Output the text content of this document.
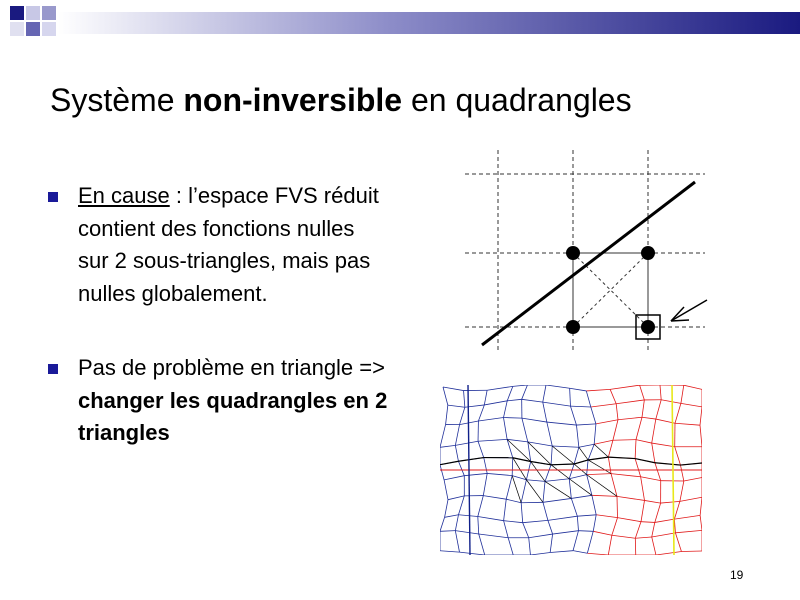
Système non-inversible en quadrangles
En cause : l’espace FVS réduit contient des fonctions nulles sur 2 sous-triangles, mais pas nulles globalement.
Pas de problème en triangle => changer les quadrangles en 2 triangles
19
